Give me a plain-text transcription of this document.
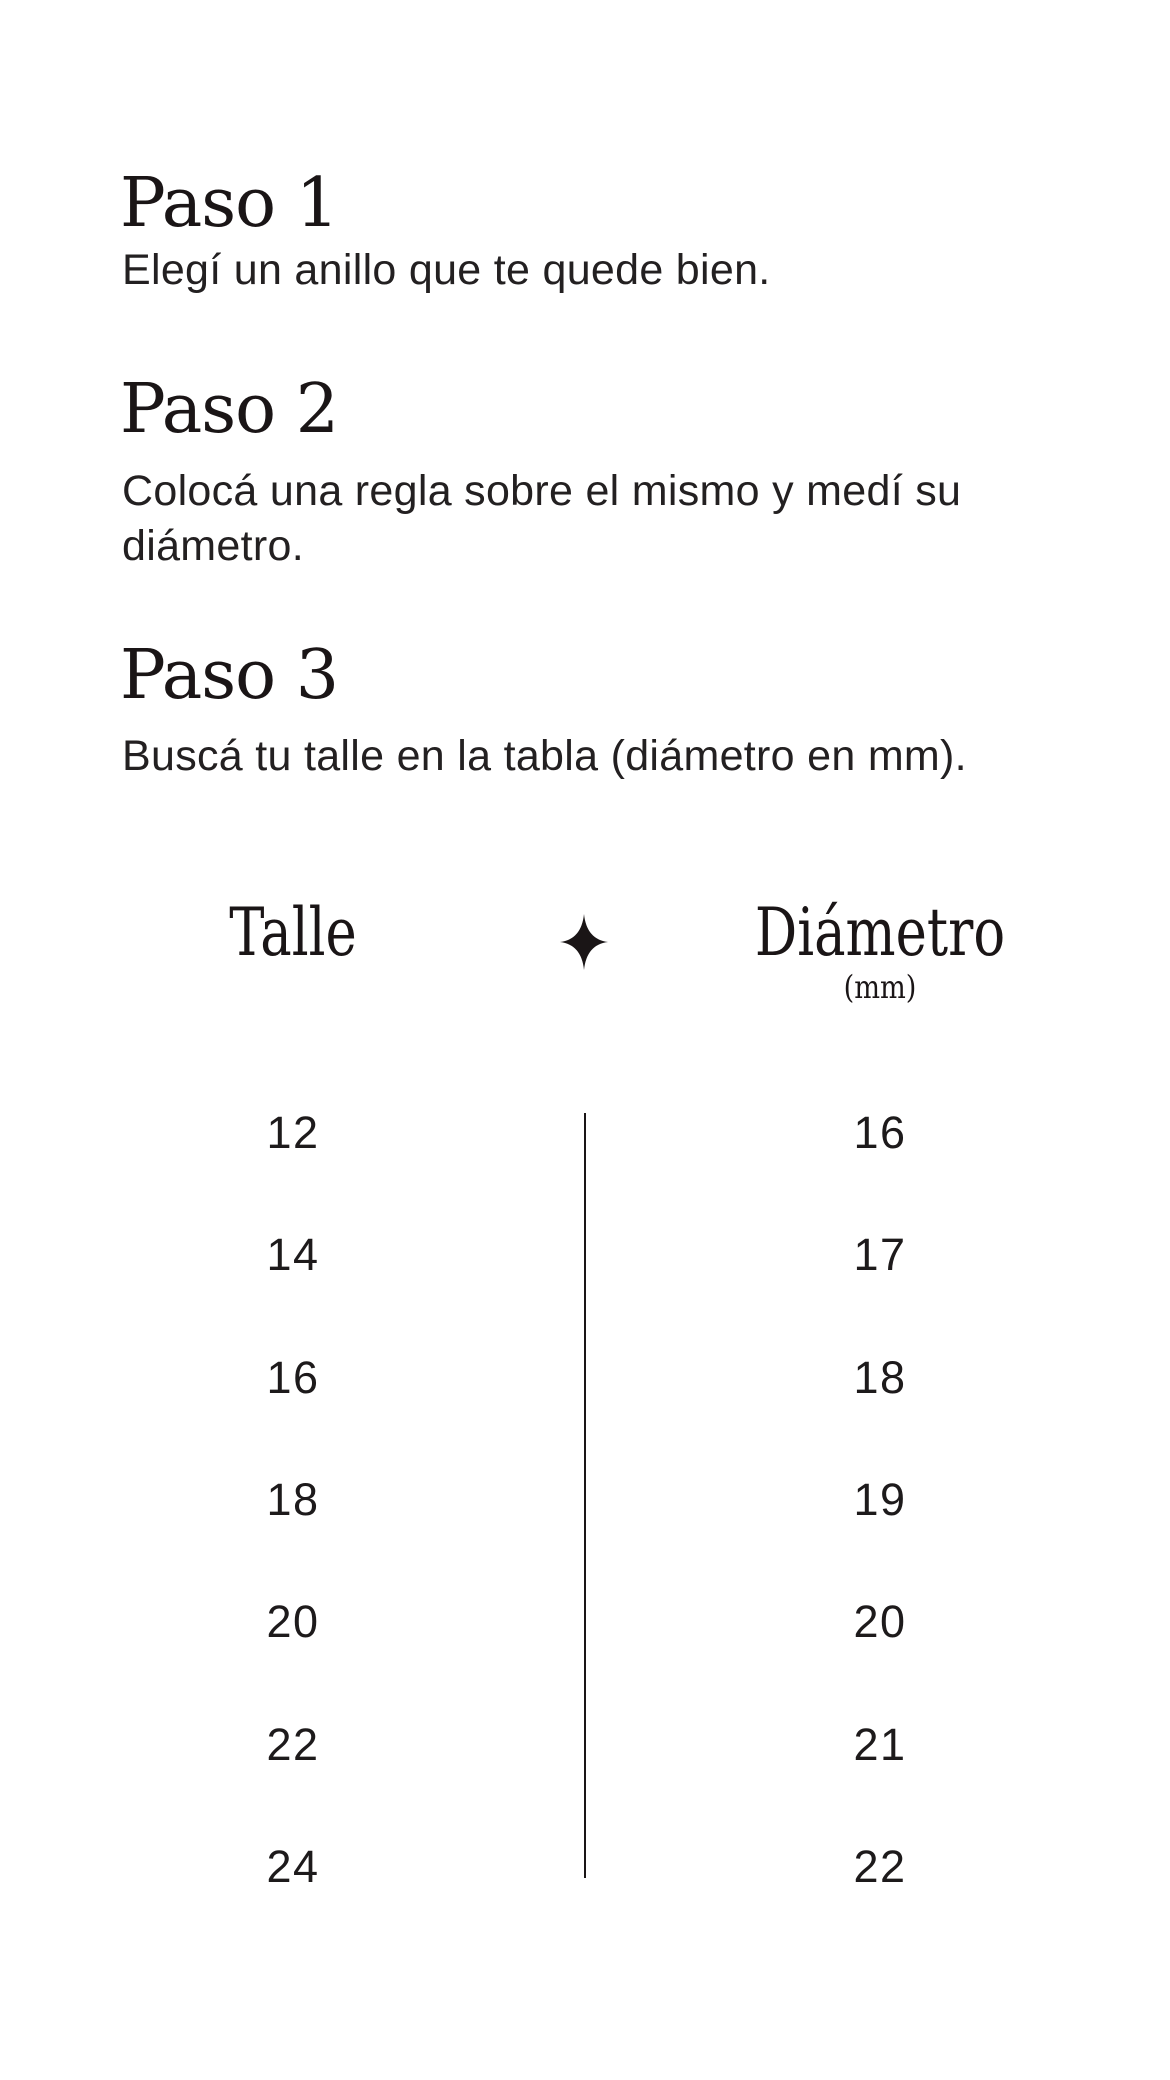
Paso 1
Elegí un anillo que te quede bien.
Paso 2
Colocá una regla sobre el mismo y medí su diámetro.
Paso 3
Buscá tu talle en la tabla (diámetro en mm).
Talle	Diámetro
(mm)
12	16
14	17
16	18
18	19
20	20
22	21
24	22
